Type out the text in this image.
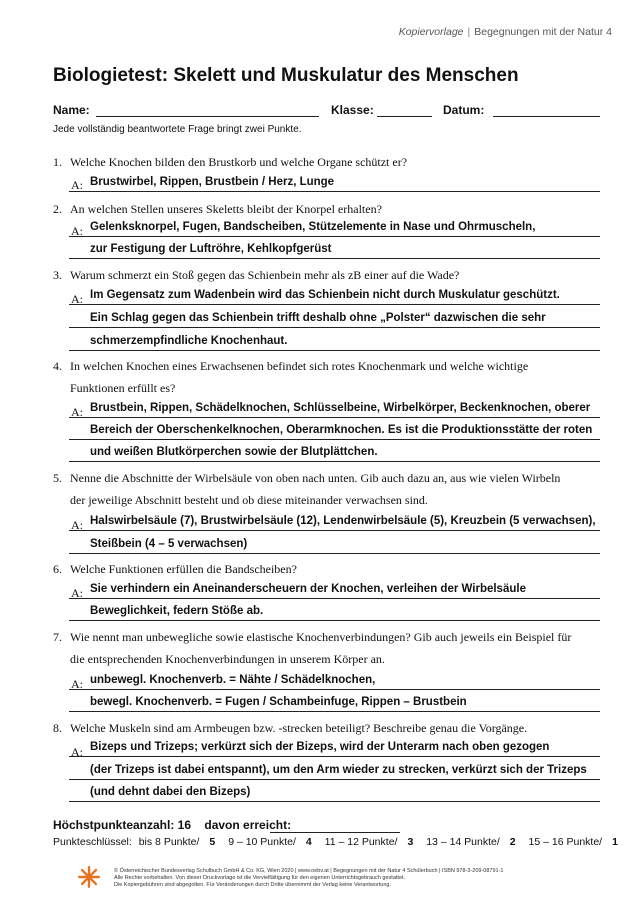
Kopiervorlage | Begegnungen mit der Natur 4
Biologietest: Skelett und Muskulatur des Menschen
Name:	Klasse:	Datum:
Jede vollständig beantwortete Frage bringt zwei Punkte.
1. Welche Knochen bilden den Brustkorb und welche Organe schützt er?
A: Brustwirbel, Rippen, Brustbein / Herz, Lunge
2. An welchen Stellen unseres Skeletts bleibt der Knorpel erhalten?
A: Gelenksknorpel, Fugen, Bandscheiben, Stützelemente in Nase und Ohrmuscheln,
zur Festigung der Luftröhre, Kehlkopfgerüst
3. Warum schmerzt ein Stoß gegen das Schienbein mehr als zB einer auf die Wade?
A: Im Gegensatz zum Wadenbein wird das Schienbein nicht durch Muskulatur geschützt.
Ein Schlag gegen das Schienbein trifft deshalb ohne „Polster“ dazwischen die sehr
schmerzempfindliche Knochenhaut.
4. In welchen Knochen eines Erwachsenen befindet sich rotes Knochenmark und welche wichtige
Funktionen erfüllt es?
A: Brustbein, Rippen, Schädelknochen, Schlüsselbeine, Wirbelkörper, Beckenknochen, oberer
Bereich der Oberschenkelknochen, Oberarmknochen. Es ist die Produktionsstätte der roten
und weißen Blutkörperchen sowie der Blutplättchen.
5. Nenne die Abschnitte der Wirbelsäule von oben nach unten. Gib auch dazu an, aus wie vielen Wirbeln
der jeweilige Abschnitt besteht und ob diese miteinander verwachsen sind.
A: Halswirbelsäule (7), Brustwirbelsäule (12), Lendenwirbelsäule (5), Kreuzbein (5 verwachsen),
Steißbein (4 – 5 verwachsen)
6. Welche Funktionen erfüllen die Bandscheiben?
A: Sie verhindern ein Aneinanderscheuern der Knochen, verleihen der Wirbelsäule
Beweglichkeit, federn Stöße ab.
7. Wie nennt man unbewegliche sowie elastische Knochenverbindungen? Gib auch jeweils ein Beispiel für
die entsprechenden Knochenverbindungen in unserem Körper an.
A: unbewegl. Knochenverb. = Nähte / Schädelknochen,
bewegl. Knochenverb. = Fugen / Schambeinfuge, Rippen – Brustbein
8. Welche Muskeln sind am Armbeugen bzw. -strecken beteiligt? Beschreibe genau die Vorgänge.
A: Bizeps und Trizeps; verkürzt sich der Bizeps, wird der Unterarm nach oben gezogen
(der Trizeps ist dabei entspannt), um den Arm wieder zu strecken, verkürzt sich der Trizeps
(und dehnt dabei den Bizeps)
Höchstpunkteanzahl: 16 davon erreicht:
Punkteschlüssel: bis 8 Punkte/ 5 9 – 10 Punkte/ 4 11 – 12 Punkte/ 3 13 – 14 Punkte/ 2 15 – 16 Punkte/ 1
© Österreichischer Bundesverlag Schulbuch GmbH & Co. KG, Wien 2020 | www.oebv.at | Begegnungen mit der Natur 4 Schülerbuch | ISBN 978-3-209-08791-1
Alle Rechte vorbehalten. Von dieser Druckvorlage ist die Vervielfältigung für den eigenen Unterrichtsgebrauch gestattet.
Die Kopiergebühren sind abgegolten. Für Veränderungen durch Dritte übernimmt der Verlag keine Verantwortung.
